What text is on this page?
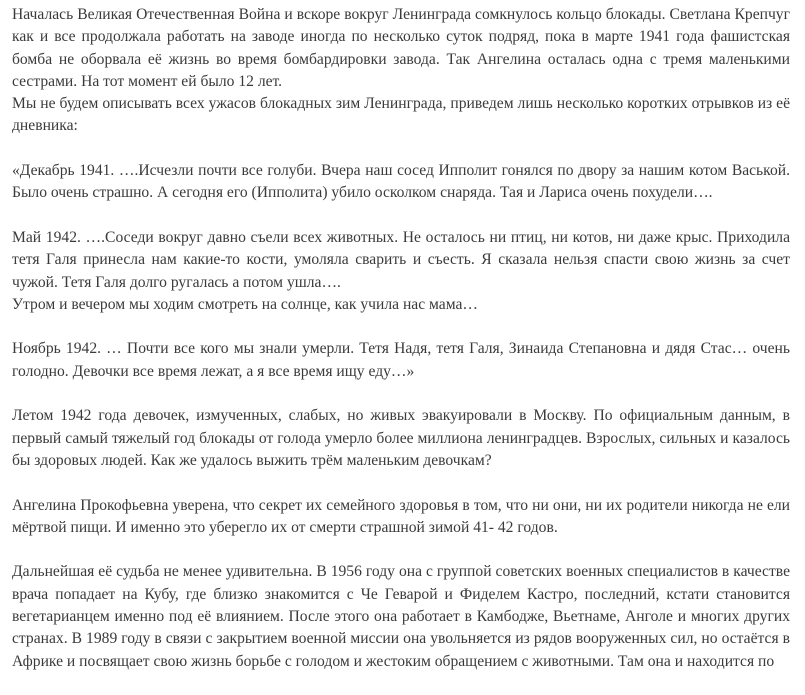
Началась Великая Отечественная Война и вскоре вокруг Ленинграда сомкнулось кольцо блокады. Светлана Крепчуг как и все продолжала работать на заводе иногда по несколько суток подряд, пока в марте 1941 года фашистская бомба не оборвала её жизнь во время бомбардировки завода. Так Ангелина осталась одна с тремя маленькими сестрами. На тот момент ей было 12 лет.
Мы не будем описывать всех ужасов блокадных зим Ленинграда, приведем лишь несколько коротких отрывков из её дневника:

«Декабрь 1941. ….Исчезли почти все голуби. Вчера наш сосед Ипполит гонялся по двору за нашим котом Васькой. Было очень страшно. А сегодня его (Ипполита) убило осколком снаряда. Тая и Лариса очень похудели….

Май 1942. ….Соседи вокруг давно съели всех животных. Не осталось ни птиц, ни котов, ни даже крыс. Приходила тетя Галя принесла нам какие-то кости, умоляла сварить и съесть. Я сказала нельзя спасти свою жизнь за счет чужой. Тетя Галя долго ругалась а потом ушла….
Утром и вечером мы ходим смотреть на солнце, как учила нас мама…

Ноябрь 1942. … Почти все кого мы знали умерли. Тетя Надя, тетя Галя, Зинаида Степановна и дядя Стас… очень голодно. Девочки все время лежат, а я все время ищу еду…»

Летом 1942 года девочек, измученных, слабых, но живых эвакуировали в Москву. По официальным данным, в первый самый тяжелый год блокады от голода умерло более миллиона ленинградцев. Взрослых, сильных и казалось бы здоровых людей. Как же удалось выжить трём маленьким девочкам?

Ангелина Прокофьевна уверена, что секрет их семейного здоровья в том, что ни они, ни их родители никогда не ели мёртвой пищи. И именно это уберегло их от смерти страшной зимой 41- 42 годов.

Дальнейшая её судьба не менее удивительна. В 1956 году она с группой советских военных специалистов в качестве врача попадает на Кубу, где близко знакомится с Че Геварой и Фиделем Кастро, последний, кстати становится вегетарианцем именно под её влиянием. После этого она работает в Камбодже, Вьетнаме, Анголе и многих других странах. В 1989 году в связи с закрытием военной миссии она увольняется из рядов вооруженных сил, но остаётся в Африке и посвящает свою жизнь борьбе с голодом и жестоким обращением с животными. Там она и находится по
